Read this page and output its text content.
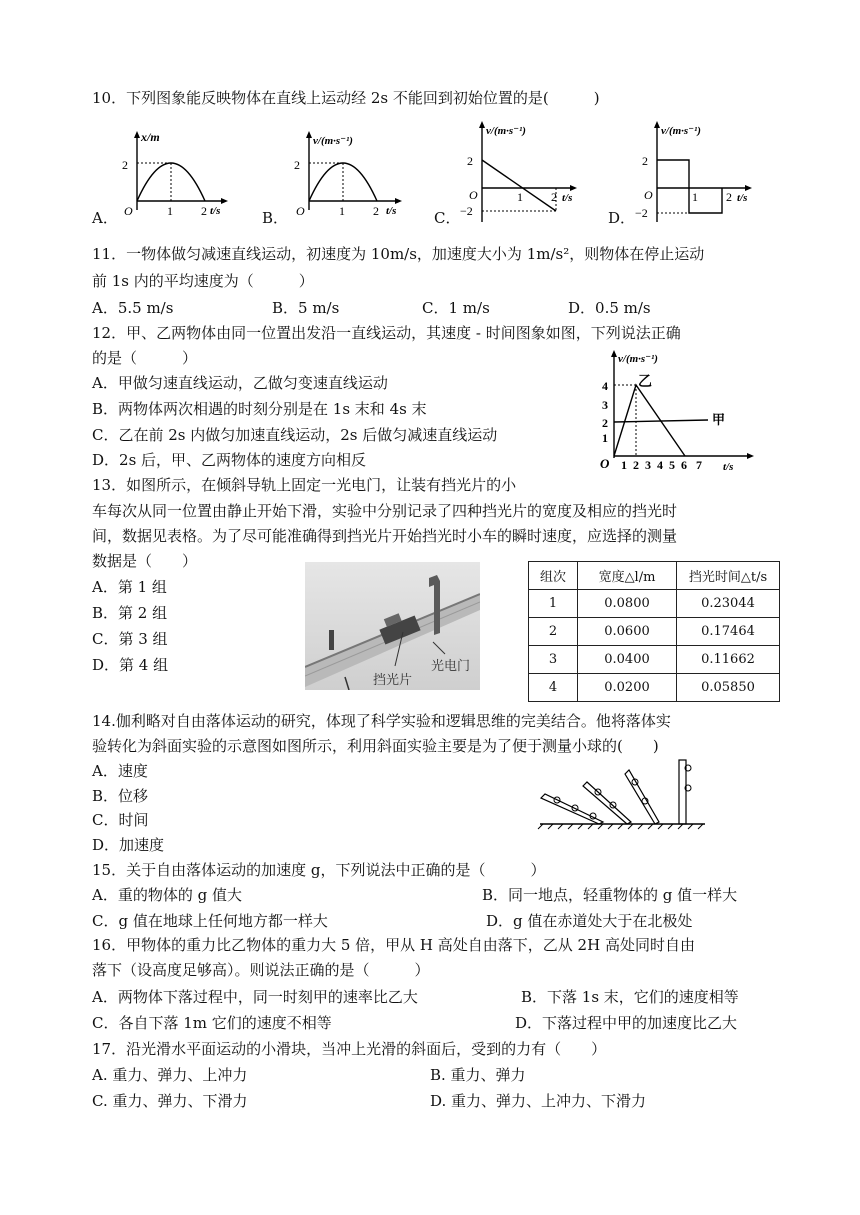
10．下列图象能反映物体在直线上运动经 2s 不能回到初始位置的是(　　　)
x/m
2
O	1 2 t/s
A．
v/(m·s⁻¹)
2
O	1 2 t/s
B．
v/(m·s⁻¹)
2
−2
O	1 2 t/s
C．
v/(m·s⁻¹)
2
−2
O	1 2 t/s
D．
11．一物体做匀减速直线运动，初速度为 10m/s，加速度大小为 1m/s²，则物体在停止运动
前 1s 内的平均速度为（　　　）
A．5.5 m/s	B．5 m/s	C．1 m/s	D．0.5 m/s
12．甲、乙两物体由同一位置出发沿一直线运动，其速度 - 时间图象如图，下列说法正确
的是（　　　）
A．甲做匀速直线运动，乙做匀变速直线运动
B．两物体两次相遇的时刻分别是在 1s 末和 4s 末
C．乙在前 2s 内做匀加速直线运动，2s 后做匀减速直线运动
D．2s 后，甲、乙两物体的速度方向相反
v/(m·s⁻¹)
乙
甲
1
2
3
4
O 1 2 3 4 5 6 7 t/s
13．如图所示，在倾斜导轨上固定一光电门，让装有挡光片的小
车每次从同一位置由静止开始下滑，实验中分别记录了四种挡光片的宽度及相应的挡光时
间，数据见表格。为了尽可能准确得到挡光片开始挡光时小车的瞬时速度，应选择的测量
数据是（　　）
A．第 1 组
B．第 2 组
C．第 3 组
D．第 4 组	光电门
挡光片
组次	宽度△l/m	挡光时间△t/s
1	0.0800	0.23044
2	0.0600	0.17464
3	0.0400	0.11662
4	0.0200	0.05850
14.伽利略对自由落体运动的研究，体现了科学实验和逻辑思维的完美结合。他将落体实
验转化为斜面实验的示意图如图所示，利用斜面实验主要是为了便于测量小球的(　　)
A．速度
B．位移
C．时间
D．加速度
15．关于自由落体运动的加速度 g，下列说法中正确的是（　　　）
A．重的物体的 g 值大	B．同一地点，轻重物体的 g 值一样大
C．g 值在地球上任何地方都一样大	D．g 值在赤道处大于在北极处
16．甲物体的重力比乙物体的重力大 5 倍，甲从 H 高处自由落下，乙从 2H 高处同时自由
落下（设高度足够高）。则说法正确的是（　　　）
A．两物体下落过程中，同一时刻甲的速率比乙大	B．下落 1s 末，它们的速度相等
C．各自下落 1m 它们的速度不相等	D．下落过程中甲的加速度比乙大
17．沿光滑水平面运动的小滑块，当冲上光滑的斜面后，受到的力有（　　）
A. 重力、弹力、上冲力	B. 重力、弹力
C. 重力、弹力、下滑力	D. 重力、弹力、上冲力、下滑力
